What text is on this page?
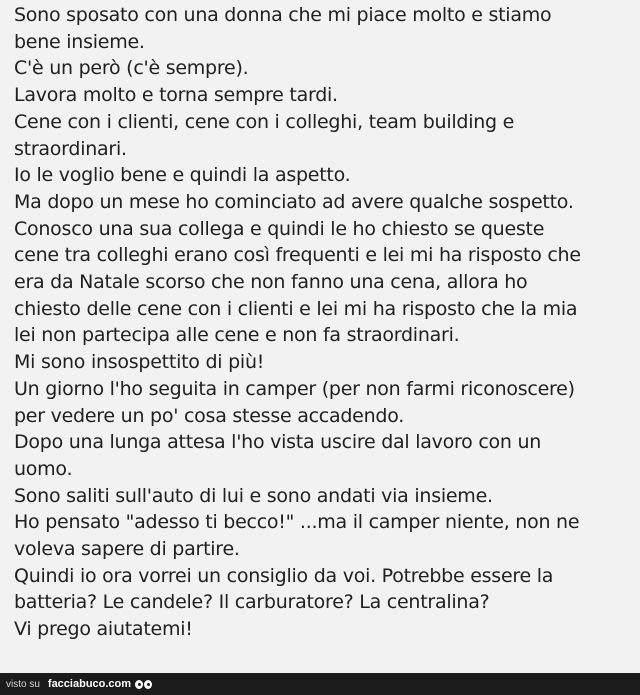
Sono sposato con una donna che mi piace molto e stiamo
bene insieme.
C'è un però (c'è sempre).
Lavora molto e torna sempre tardi.
Cene con i clienti, cene con i colleghi, team building e
straordinari.
Io le voglio bene e quindi la aspetto.
Ma dopo un mese ho cominciato ad avere qualche sospetto.
Conosco una sua collega e quindi le ho chiesto se queste
cene tra colleghi erano così frequenti e lei mi ha risposto che
era da Natale scorso che non fanno una cena, allora ho
chiesto delle cene con i clienti e lei mi ha risposto che la mia
lei non partecipa alle cene e non fa straordinari.
Mi sono insospettito di più!
Un giorno l'ho seguita in camper (per non farmi riconoscere)
per vedere un po' cosa stesse accadendo.
Dopo una lunga attesa l'ho vista uscire dal lavoro con un
uomo.
Sono saliti sull'auto di lui e sono andati via insieme.
Ho pensato "adesso ti becco!" ...ma il camper niente, non ne
voleva sapere di partire.
Quindi io ora vorrei un consiglio da voi. Potrebbe essere la
batteria? Le candele? Il carburatore? La centralina?
Vi prego aiutatemi!
visto su facciabuco.com
